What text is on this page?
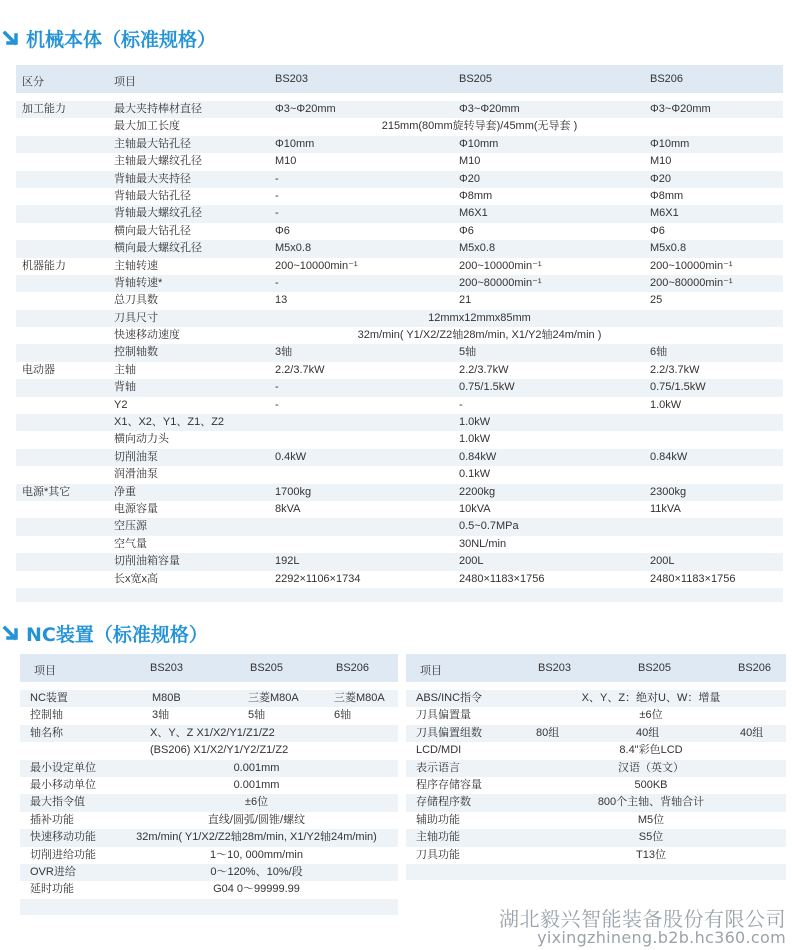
机械本体（标准规格）
区分	项目	BS203	BS205	BS206
加工能力	最大夹持棒材直径	Φ3~Φ20mm	Φ3~Φ20mm	Φ3~Φ20mm
最大加工长度	215mm(80mm旋转导套)/45mm(无导套 )
主轴最大钻孔径	Φ10mm	Φ10mm	Φ10mm
主轴最大螺纹孔径	M10	M10	M10
背轴最大夹持径	-	Φ20	Φ20
背轴最大钻孔径	-	Φ8mm	Φ8mm
背轴最大螺纹孔径	-	M6X1	M6X1
横向最大钻孔径	Φ6	Φ6	Φ6
横向最大螺纹孔径	M5x0.8	M5x0.8	M5x0.8
机器能力	主轴转速	200~10000min⁻¹	200~10000min⁻¹	200~10000min⁻¹
背轴转速*	-	200~80000min⁻¹	200~80000min⁻¹
总刀具数	13	21	25
刀具尺寸	12mmx12mmx85mm
快速移动速度	32m/min( Y1/X2/Z2轴28m/min, X1/Y2轴24m/min )
控制轴数	3轴	5轴	6轴
电动器	主轴	2.2/3.7kW	2.2/3.7kW	2.2/3.7kW
背轴	-	0.75/1.5kW	0.75/1.5kW
Y2	-	-	1.0kW
X1、X2、Y1、Z1、Z2	1.0kW
横向动力头	1.0kW
切削油泵	0.4kW	0.84kW	0.84kW
润滑油泵	0.1kW
电源*其它	净重	1700kg	2200kg	2300kg
电源容量	8kVA	10kVA	11kVA
空压源	0.5~0.7MPa
空气量	30NL/min
切削油箱容量	192L	200L	200L
长x宽x高	2292×1106×1734	2480×1183×1756	2480×1183×1756
NC装置（标准规格）
项目	BS203	BS205	BS206
NC装置	M80B	三菱M80A	三菱M80A
控制轴	3轴	5轴	6轴
轴名称	X、Y、Z X1/X2/Y1/Z1/Z2
(BS206) X1/X2/Y1/Y2/Z1/Z2
最小设定单位	0.001mm
最小移动单位	0.001mm
最大指令值	±6位
插补功能	直线/圆弧/圆锥/螺纹
快速移动功能	32m/min( Y1/X2/Z2轴28m/min, X1/Y2轴24m/min)
切削进给功能	1～10, 000mm/min
OVR进给	0～120%、10%/段
延时功能	G04 0～99999.99
项目	BS203	BS205	BS206
ABS/INC指令	X、Y、Z：绝对U、W：增量
刀具偏置量	±6位
刀具偏置组数	80组	40组	40组
LCD/MDI	8.4"彩色LCD
表示语言	汉语（英文）
程序存储容量	500KB
存储程序数	800个主轴、背轴合计
辅助功能	M5位
主轴功能	S5位
刀具功能	T13位
湖北毅兴智能装备股份有限公司
yixingzhineng.b2b.hc360.com
